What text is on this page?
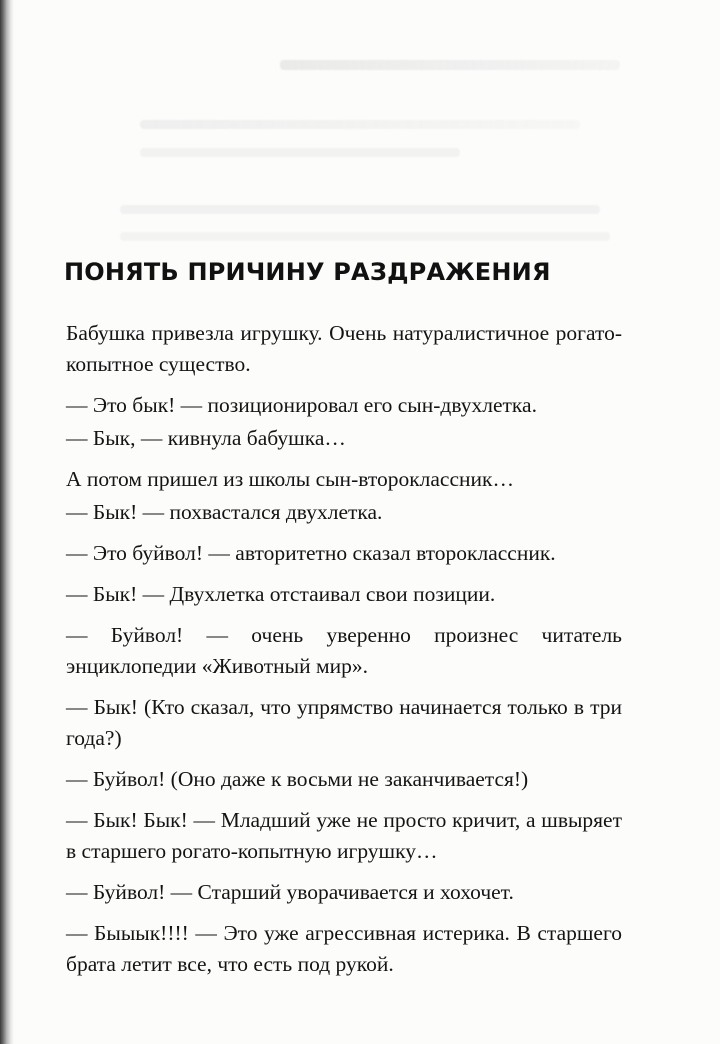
ПОНЯТЬ ПРИЧИНУ РАЗДРАЖЕНИЯ

Бабушка привезла игрушку. Очень натуралистичное рогато-копытное существо.

— Это бык! — позиционировал его сын-двухлетка.

— Бык, — кивнула бабушка…

А потом пришел из школы сын-второклассник…

— Бык! — похвастался двухлетка.

— Это буйвол! — авторитетно сказал второклассник.

— Бык! — Двухлетка отстаивал свои позиции.

— Буйвол! — очень уверенно произнес читатель энциклопедии «Животный мир».

— Бык! (Кто сказал, что упрямство начинается только в три года?)

— Буйвол! (Оно даже к восьми не заканчивается!)

— Бык! Бык! — Младший уже не просто кричит, а швыряет в старшего рогато-копытную игрушку…

— Буйвол! — Старший уворачивается и хохочет.

— Быыык!!!! — Это уже агрессивная истерика. В старшего брата летит все, что есть под рукой.
